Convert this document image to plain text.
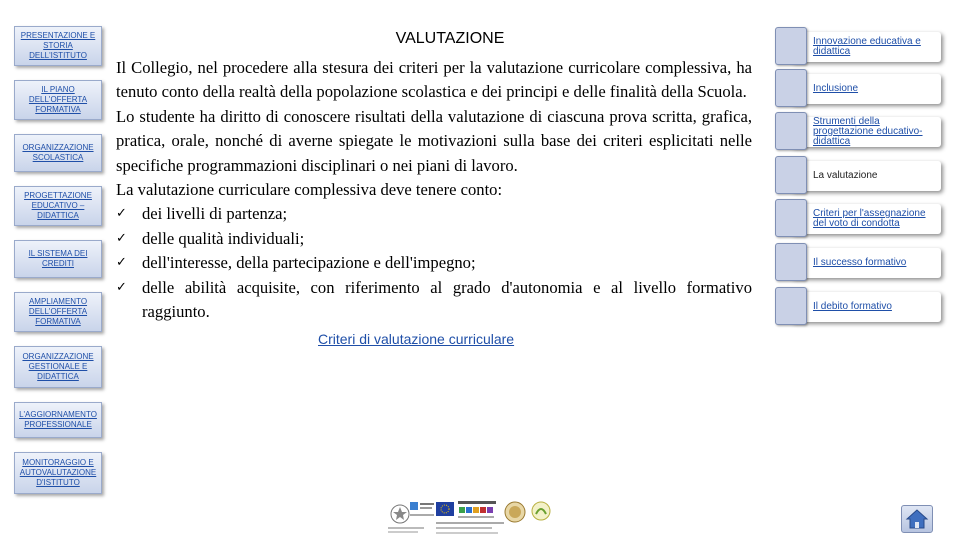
PRESENTAZIONE E STORIA DELL'ISTITUTO
IL PIANO DELL'OFFERTA FORMATIVA
ORGANIZZAZIONE SCOLASTICA
PROGETTAZIONE EDUCATIVO – DIDATTICA
IL SISTEMA DEI CREDITI
AMPLIAMENTO DELL'OFFERTA FORMATIVA
ORGANIZZAZIONE GESTIONALE E DIDATTICA
L'AGGIORNAMENTO PROFESSIONALE
MONITORAGGIO E AUTOVALUTAZIONE D'ISTITUTO
VALUTAZIONE

Il Collegio, nel procedere alla stesura dei criteri per la valutazione curricolare complessiva, ha tenuto conto della realtà della popolazione scolastica e dei principi e delle finalità della Scuola.

Lo studente ha diritto di conoscere risultati della valutazione di ciascuna prova scritta, grafica, pratica, orale, nonché di averne spiegate le motivazioni sulla base dei criteri esplicitati nelle specifiche programmazioni disciplinari o nei piani di lavoro.

La valutazione curriculare complessiva deve tenere conto:

✓ dei livelli di partenza;
✓ delle qualità individuali;
✓ dell'interesse, della partecipazione e dell'impegno;
✓ delle abilità acquisite, con riferimento al grado d'autonomia e al livello formativo raggiunto.
Criteri di valutazione curriculare
Innovazione educativa e didattica
Inclusione
Strumenti della progettazione educativo-didattica
La valutazione
Criteri per l'assegnazione del voto di condotta
Il successo formativo
Il debito formativo
